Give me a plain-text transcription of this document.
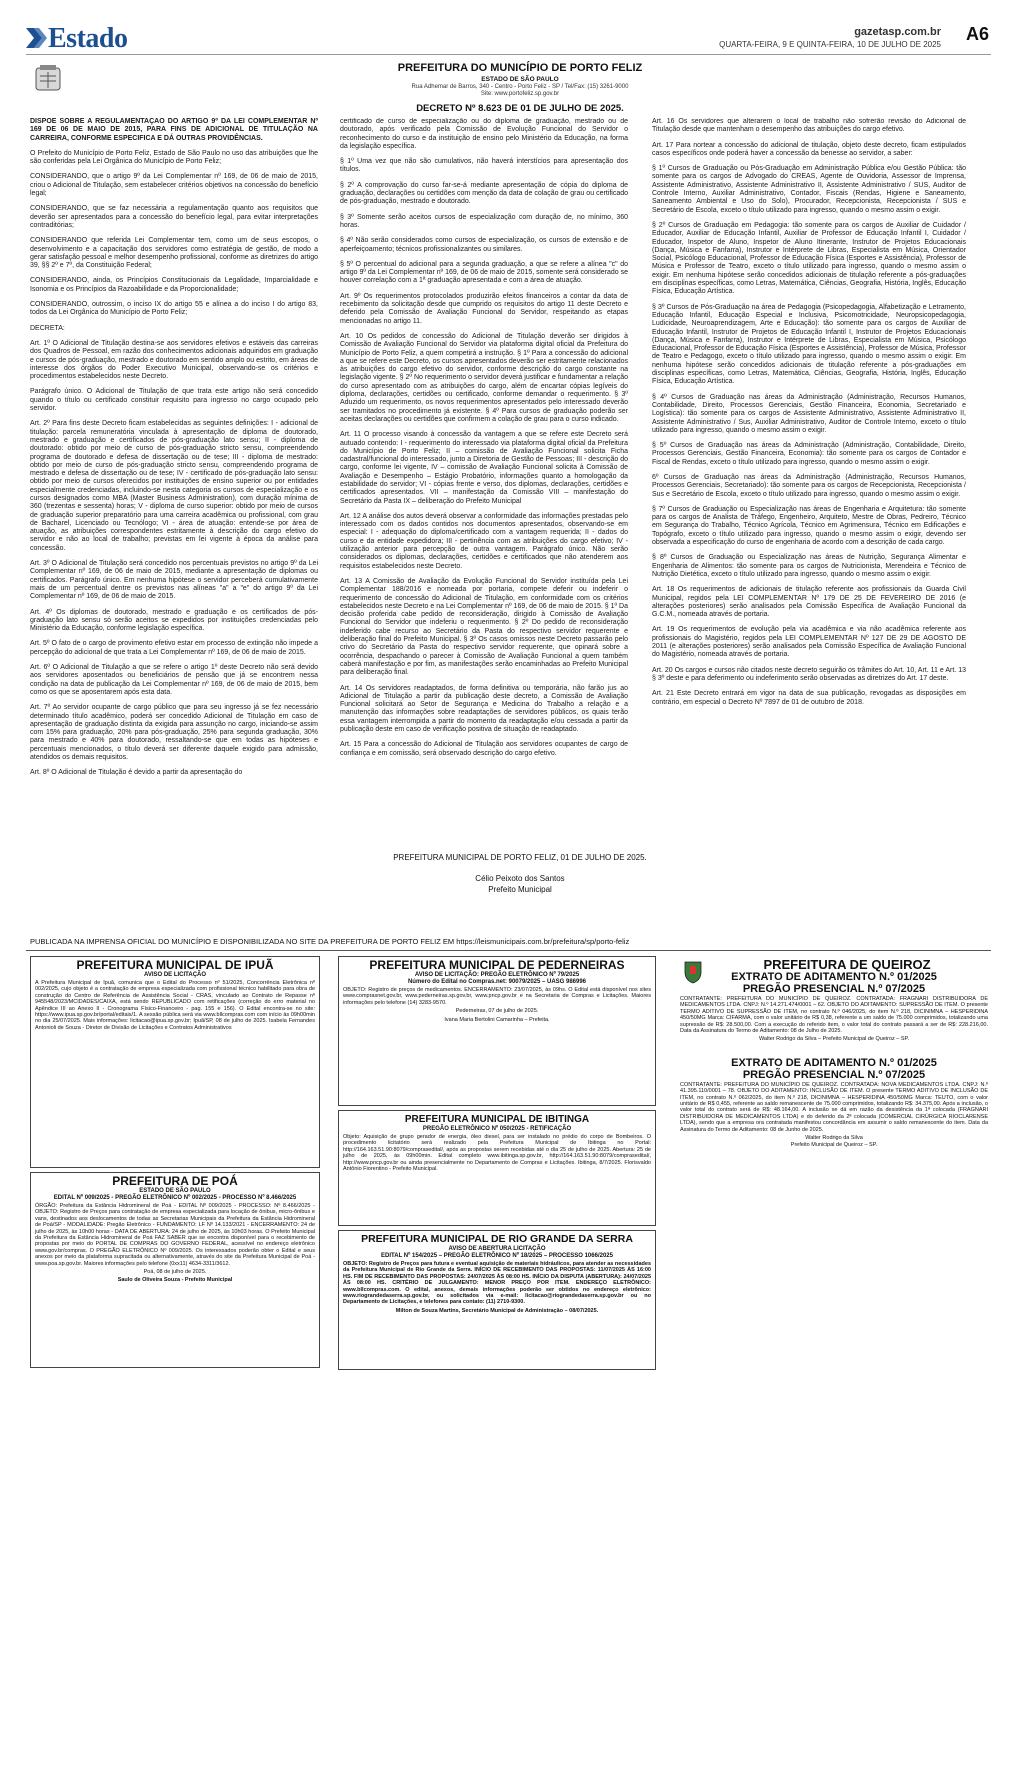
Estado	gazetasp.com.br
QUARTA-FEIRA, 9 E QUINTA-FEIRA, 10 DE JULHO DE 2025
A6
PREFEITURA DO MUNICÍPIO DE PORTO FELIZ
ESTADO DE SÃO PAULO
Rua Adhemar de Barros, 340 - Centro - Porto Feliz - SP / Tel/Fax: (15) 3261-9000
Site: www.portofeliz.sp.gov.br
DECRETO Nº 8.623 DE 01 DE JULHO DE 2025.

DISPÕE SOBRE A REGULAMENTAÇÃO DO ARTIGO 9º DA LEI COMPLEMENTAR Nº 169 DE 06 DE MAIO DE 2015, PARA FINS DE ADICIONAL DE TITULAÇÃO NA CARREIRA, CONFORME ESPECIFICA E DÁ OUTRAS PROVIDÊNCIAS.

O Prefeito do Município de Porto Feliz, Estado de São Paulo no uso das atribuições que lhe são conferidas pela Lei Orgânica do Município de Porto Feliz;

CONSIDERANDO, que o artigo 9º da Lei Complementar nº 169, de 06 de maio de 2015, criou o Adicional de Titulação, sem estabelecer critérios objetivos na concessão do benefício legal;

CONSIDERANDO, que se faz necessária a regulamentação quanto aos requisitos que deverão ser apresentados para a concessão do benefício legal, para evitar interpretações contraditórias;

CONSIDERANDO que referida Lei Complementar tem, como um de seus escopos, o desenvolvimento e a capacitação dos servidores como estratégia de gestão, de modo a gerar satisfação pessoal e melhor desempenho profissional, conforme as diretrizes do artigo 39, §§ 2º e 7º, da Constituição Federal;

CONSIDERANDO, ainda, os Princípios Constitucionais da Legalidade, Imparcialidade e Isonomia e os Princípios da Razoabilidade e da Proporcionalidade;

CONSIDERANDO, outrossim, o inciso IX do artigo 55 e alínea a do inciso I do artigo 83, todos da Lei Orgânica do Município de Porto Feliz;

DECRETA:

Art. 1º O Adicional de Titulação destina-se aos servidores efetivos e estáveis das carreiras dos Quadros de Pessoal, em razão dos conhecimentos adicionais adquiridos em graduação e cursos de pós-graduação, mestrado e doutorado em sentido amplo ou estrito, em áreas de interesse dos órgãos do Poder Executivo Municipal, observando-se os critérios e procedimentos estabelecidos neste Decreto.

Parágrafo único. O Adicional de Titulação de que trata este artigo não será concedido quando o título ou certificado constituir requisito para ingresso no cargo ocupado pelo servidor.

Art. 2º Para fins deste Decreto ficam estabelecidas as seguintes definições: I - adicional de titulação: parcela remuneratória vinculada à apresentação de diploma de doutorado, mestrado e graduação e certificados de pós-graduação lato sensu; II - diploma de doutorado: obtido por meio de curso de pós-graduação stricto sensu, compreendendo programa de doutorado e defesa de dissertação ou de tese; III - diploma de mestrado: obtido por meio de curso de pós-graduação stricto sensu, compreendendo programa de mestrado e defesa de dissertação ou de tese; IV - certificado de pós-graduação lato sensu: obtido por meio de cursos oferecidos por instituições de ensino superior ou por entidades especialmente credenciadas, incluindo-se nesta categoria os cursos de especialização e os cursos designados como MBA (Master Business Administration), com duração mínima de 360 (trezentas e sessenta) horas; V - diploma de curso superior: obtido por meio de cursos de graduação superior preparatório para uma carreira acadêmica ou profissional, com grau de Bacharel, Licenciado ou Tecnólogo; VI - área de atuação: entende-se por área de atuação, as atribuições correspondentes estritamente à descrição do cargo efetivo do servidor e não ao local de trabalho; previstas em lei vigente à época da análise para concessão.

Art. 3º O Adicional de Titulação será concedido nos percentuais previstos no artigo 9º da Lei Complementar nº 169, de 06 de maio de 2015, mediante a apresentação de diplomas ou certificados. Parágrafo único. Em nenhuma hipótese o servidor perceberá cumulativamente mais de um percentual dentre os previstos nas alíneas "a" a "e" do artigo 9º da Lei Complementar nº 169, de 06 de maio de 2015.

Art. 4º Os diplomas de doutorado, mestrado e graduação e os certificados de pós-graduação lato sensu só serão aceitos se expedidos por instituições credenciadas pelo Ministério da Educação, conforme legislação específica.

Art. 5º O fato de o cargo de provimento efetivo estar em processo de extinção não impede a percepção do adicional de que trata a Lei Complementar nº 169, de 06 de maio de 2015.

Art. 6º O Adicional de Titulação a que se refere o artigo 1º deste Decreto não será devido aos servidores aposentados ou beneficiários de pensão que já se encontrem nessa condição na data de publicação da Lei Complementar nº 169, de 06 de maio de 2015, bem como os que se aposentarem após esta data.

Art. 7º Ao servidor ocupante de cargo público que para seu ingresso já se fez necessário determinado título acadêmico, poderá ser concedido Adicional de Titulação em caso de apresentação de graduação distinta da exigida para assunção no cargo, iniciando-se assim com 15% para graduação, 20% para pós-graduação, 25% para segunda graduação, 30% para mestrado e 40% para doutorado, ressaltando-se que em todas as hipóteses e percentuais mencionados, o título deverá ser diferente daquele exigido para admissão, atendidos os demais requisitos.

Art. 8º O Adicional de Titulação é devido a partir da apresentação do

certificado de curso de especialização ou do diploma de graduação, mestrado ou de doutorado, após verificado pela Comissão de Evolução Funcional do Servidor o reconhecimento do curso e da instituição de ensino pelo Ministério da Educação, na forma da legislação específica.

§ 1º Uma vez que não são cumulativos, não haverá interstícios para apresentação dos títulos.

§ 2º A comprovação do curso far-se-á mediante apresentação de cópia do diploma de graduação, declarações ou certidões com menção da data de colação de grau ou certificado de pós-graduação, mestrado e doutorado.

§ 3º Somente serão aceitos cursos de especialização com duração de, no mínimo, 360 horas.

§ 4º Não serão considerados como cursos de especialização, os cursos de extensão e de aperfeiçoamento; técnicos profissionalizantes ou similares.

§ 5º O percentual do adicional para a segunda graduação, a que se refere a alínea "c" do artigo 9º da Lei Complementar nº 169, de 06 de maio de 2015, somente será considerado se houver correlação com a 1ª graduação apresentada e com a área de atuação.

Art. 9º Os requerimentos protocolados produzirão efeitos financeiros a contar da data de recebimento da solicitação desde que cumprido os requisitos do artigo 11 deste Decreto e deferido pela Comissão de Avaliação Funcional do Servidor, respeitando as etapas mencionadas no artigo 11.

Art. 10 Os pedidos de concessão do Adicional de Titulação deverão ser dirigidos à Comissão de Avaliação Funcional do Servidor via plataforma digital oficial da Prefeitura do Município de Porto Feliz, a quem competirá a instrução. § 1º Para a concessão do adicional a que se refere este Decreto, os cursos apresentados deverão ser estritamente relacionados às atribuições do cargo efetivo do servidor, conforme descrição do cargo constante na legislação vigente. § 2º No requerimento o servidor deverá justificar e fundamentar a relação do curso apresentado com as atribuições do cargo, além de encartar cópias legíveis do diploma, declarações, certidões ou certificado, conforme demandar o requerimento. § 3º Aduzido um requerimento, os novos requerimentos apresentados pelo interessado deverão ser tramitados no procedimento já existente. § 4º Para cursos de graduação poderão ser aceitas declarações ou certidões que confirmem a colação de grau para o curso indicado.

Art. 11 O processo visando à concessão da vantagem a que se refere este Decreto será autuado contendo: I - requerimento do interessado via plataforma digital oficial da Prefeitura do Município de Porto Feliz; II – comissão de Avaliação Funcional solicita Ficha cadastral/funcional do interessado, junto a Diretoria de Gestão de Pessoas; III - descrição do cargo, conforme lei vigente, IV – comissão de Avaliação Funcional solicita à Comissão de Avaliação e Desempenho – Estágio Probatório, informações quanto a homologação da estabilidade do servidor; VI - cópias frente e verso, dos diplomas, declarações, certidões e certificados apresentados. VII – manifestação da Comissão VIII – manifestação do Secretário da Pasta IX – deliberação do Prefeito Municipal

Art. 12 A análise dos autos deverá observar a conformidade das informações prestadas pelo interessado com os dados contidos nos documentos apresentados, observando-se em especial: I - adequação do diploma/certificado com a vantagem requerida; II - dados do curso e da entidade expedidora; III - pertinência com as atribuições do cargo efetivo; IV - utilização anterior para percepção de outra vantagem. Parágrafo único. Não serão considerados os diplomas, declarações, certidões e certificados que não atenderem aos requisitos estabelecidos neste Decreto.

Art. 13 A Comissão de Avaliação da Evolução Funcional do Servidor instituída pela Lei Complementar 188/2016 e nomeada por portaria, compete deferir ou indeferir o requerimento de concessão do Adicional de Titulação, em conformidade com os critérios estabelecidos neste Decreto e na Lei Complementar nº 169, de 06 de maio de 2015. § 1º Da decisão proferida cabe pedido de reconsideração, dirigido à Comissão de Avaliação Funcional do Servidor que indeferiu o requerimento. § 2º Do pedido de reconsideração indeferido cabe recurso ao Secretário da Pasta do respectivo servidor requerente e deliberação final do Prefeito Municipal. § 3º Os casos omissos neste Decreto passarão pelo crivo do Secretário da Pasta do respectivo servidor requerente, que opinará sobre a ocorrência, despachando o parecer à Comissão de Avaliação Funcional a quem também caberá manifestação e por fim, as manifestações serão encaminhadas ao Prefeito Municipal para deliberação final.

Art. 14 Os servidores readaptados, de forma definitiva ou temporária, não farão jus ao Adicional de Titulação a partir da publicação deste decreto, a Comissão de Avaliação Funcional solicitará ao Setor de Segurança e Medicina do Trabalho a relação e a manutenção das informações sobre readaptações de servidores públicos, os quais terão essa vantagem interrompida a partir do momento da readaptação e/ou cessada a partir da publicação deste em caso de verificação positiva de situação de readaptado.

Art. 15 Para a concessão do Adicional de Titulação aos servidores ocupantes de cargo de confiança e em comissão, será observado descrição do cargo efetivo.

Art. 16 Os servidores que alterarem o local de trabalho não sofrerão revisão do Adicional de Titulação desde que mantenham o desempenho das atribuições do cargo efetivo.

Art. 17 Para nortear a concessão do adicional de titulação, objeto deste decreto, ficam estipulados casos específicos onde poderá haver a concessão da benesse ao servidor, a saber:

§ 1º Cursos de Graduação ou Pós-Graduação em Administração Pública e/ou Gestão Pública: tão somente para os cargos de Advogado do CREAS, Agente de Ouvidoria, Assessor de Imprensa, Assistente Administrativo, Assistente Administrativo II, Assistente Administrativo / SUS, Auditor de Controle Interno, Auxiliar Administrativo, Contador, Fiscais (Rendas, Higiene e Saneamento, Saneamento Ambiental e Uso do Solo), Procurador, Recepcionista, Recepcionista / SUS e Secretário de Escola, exceto o título utilizado para ingresso, quando o mesmo assim o exigir.

§ 2º Cursos de Graduação em Pedagogia: tão somente para os cargos de Auxiliar de Cuidador / Educador, Auxiliar de Educação Infantil, Auxiliar de Professor de Educação Infantil I, Cuidador / Educador, Inspetor de Aluno, Inspetor de Aluno Itinerante, Instrutor de Projetos Educacionais (Dança, Música e Fanfarra), Instrutor e Intérprete de Libras, Especialista em Música, Orientador Social, Psicólogo Educacional, Professor de Educação Física (Esportes e Assistência), Professor de Música e Professor de Teatro, exceto o título utilizado para ingresso, quando o mesmo assim o exigir. Em nenhuma hipótese serão concedidos adicionais de titulação referente a pós-graduações em disciplinas específicas, como Letras, Matemática, Ciências, Geografia, História, Inglês, Educação Física, Educação Artística.

§ 3º Cursos de Pós-Graduação na área de Pedagogia (Psicopedagogia, Alfabetização e Letramento, Educação Infantil, Educação Especial e Inclusiva, Psicomotricidade, Neuropsicopedagogia, Ludicidade, Neuroaprendizagem, Arte e Educação): tão somente para os cargos de Auxiliar de Educação Infantil, Instrutor de Projetos de Educação Infantil I, Instrutor de Projetos Educacionais (Dança, Música e Fanfarra), Instrutor e Intérprete de Libras, Especialista em Música, Psicólogo Educacional, Professor de Educação Física (Esportes e Assistência), Professor de Música, Professor de Teatro e Pedagogo, exceto o título utilizado para ingresso, quando o mesmo assim o exigir. Em nenhuma hipótese serão concedidos adicionais de titulação referente a pós-graduações em disciplinas específicas, como Letras, Matemática, Ciências, Geografia, História, Inglês, Educação Física, Educação Artística.

§ 4º Cursos de Graduação nas áreas da Administração (Administração, Recursos Humanos, Contabilidade, Direito, Processos Gerenciais, Gestão Financeira, Economia, Secretariado e Logística): tão somente para os cargos de Assistente Administrativo, Assistente Administrativo II, Assistente Administrativo / Sus, Auxiliar Administrativo, Auditor de Controle Interno, exceto o título utilizado para ingresso, quando o mesmo assim o exigir.

§ 5º Cursos de Graduação nas áreas da Administração (Administração, Contabilidade, Direito, Processos Gerenciais, Gestão Financeira, Economia): tão somente para os cargos de Contador e Fiscal de Rendas, exceto o título utilizado para ingresso, quando o mesmo assim o exigir.

6º Cursos de Graduação nas áreas da Administração (Administração, Recursos Humanos, Processos Gerenciais, Secretariado): tão somente para os cargos de Recepcionista, Recepcionista / Sus e Secretário de Escola, exceto o título utilizado para ingresso, quando o mesmo assim o exigir.

§ 7º Cursos de Graduação ou Especialização nas áreas de Engenharia e Arquitetura: tão somente para os cargos de Analista de Tráfego, Engenheiro, Arquiteto, Mestre de Obras, Pedreiro, Técnico em Segurança do Trabalho, Técnico Agrícola, Técnico em Agrimensura, Técnico em Edificações e Topógrafo, exceto o título utilizado para ingresso, quando o mesmo assim o exigir, devendo ser observada a especificação do curso de engenharia de acordo com a descrição de cada cargo.

§ 8º Cursos de Graduação ou Especialização nas áreas de Nutrição, Segurança Alimentar e Engenharia de Alimentos: tão somente para os cargos de Nutricionista, Merendeira e Técnico de Nutrição Dietética, exceto o título utilizado para ingresso, quando o mesmo assim o exigir.

Art. 18 Os requerimentos de adicionais de titulação referente aos profissionais da Guarda Civil Municipal, regidos pela LEI COMPLEMENTAR Nº 179 DE 25 DE FEVEREIRO DE 2016 (e alterações posteriores) serão analisados pela Comissão Específica de Avaliação Funcional da G.C.M., nomeada através de portaria.

Art. 19 Os requerimentos de evolução pela via acadêmica e via não acadêmica referente aos profissionais do Magistério, regidos pela LEI COMPLEMENTAR Nº 127 DE 29 DE AGOSTO DE 2011 (e alterações posteriores) serão analisados pela Comissão Específica de Avaliação Funcional do Magistério, nomeada através de portaria.

Art. 20 Os cargos e cursos não citados neste decreto seguirão os trâmites do Art. 10, Art. 11 e Art. 13 § 3º deste e para deferimento ou indeferimento serão observadas as diretrizes do Art. 17 deste.

Art. 21 Este Decreto entrará em vigor na data de sua publicação, revogadas as disposições em contrário, em especial o Decreto Nº 7897 de 01 de outubro de 2018.

PREFEITURA MUNICIPAL DE PORTO FELIZ, 01 DE JULHO DE 2025.
Célio Peixoto dos Santos
Prefeito Municipal
PUBLICADA NA IMPRENSA OFICIAL DO MUNICÍPIO E DISPONIBILIZADA NO SITE DA PREFEITURA DE PORTO FELIZ EM https://leismunicipais.com.br/prefeitura/sp/porto-feliz
PREFEITURA MUNICIPAL DE IPUÃ
AVISO DE LICITAÇÃO

A Prefeitura Municipal de Ipuã, comunica que o Edital do Processo nº 51/2025, Concorrência Eletrônica nº 002/2025, cujo objeto é a contratação de empresa especializada com profissional técnico habilitado para obra de construção do Centro de Referência de Assistência Social - CRAS, vinculado ao Contrato de Repasse nº 945548/2023/MCIDADES/CAIXA, está sendo REPUBLICADO com retificações (correção do erro material no Apêndice III ao Anexo II - Cronograma Físico-Financeiro - pag. 155 e 156). O Edital encontra-se no site: https://www.ipua.sp.gov.br/portal/editais/1. A sessão pública será via www.bllcompras.com com início às 09h00min no dia 25/07/2025. Mais informações: licitacao@ipua.sp.gov.br; Ipuã/SP, 08 de julho de 2025. Isabela Fernandes Antonioli de Souza - Diretor de Divisão de Licitações e Contratos Administrativos

PREFEITURA DE POÁ
ESTADO DE SÃO PAULO
EDITAL Nº 009/2025 - PREGÃO ELETRÔNICO Nº 002/2025 - PROCESSO Nº 8.466/2025

ÓRGÃO: Prefeitura da Estância Hidromineral de Poá - EDITAL Nº 009/2025 - PROCESSO: Nº 8.466/2025 - OBJETO: Registro de Preços para contratação de empresa especializada para locação de ônibus, micro-ônibus e vans, destinados aos deslocamentos de todas as Secretarias Municipais da Prefeitura da Estância Hidromineral de Poá/SP - MODALIDADE: Pregão Eletrônico - FUNDAMENTO: LF Nº 14.133/2021 - ENCERRAMENTO: 24 de julho de 2025, às 10h00 horas - DATA DE ABERTURA: 24 de julho de 2025, às 10h03 horas. O Prefeito Municipal da Prefeitura da Estância Hidromineral de Poá FAZ SABER que se encontra disponível para o recebimento de propostas por meio do PORTAL DE COMPRAS DO GOVERNO FEDERAL, acessível no endereço eletrônico www.gov.br/compras. O PREGÃO ELETRÔNICO Nº 009/2025. Os interessados poderão obter o Edital e seus anexos por meio da plataforma supracitada ou alternativamente, através do site da Prefeitura Municipal de Poá - www.poa.sp.gov.br. Maiores informações pelo telefone (0xx11) 4634-3311/3612.

Poá, 08 de julho de 2025.
Saulo de Oliveira Souza - Prefeito Municipal
PREFEITURA MUNICIPAL DE PEDERNEIRAS
AVISO DE LICITAÇÃO: PREGÃO ELETRÔNICO Nº 79/2025
Número do Edital no Compras.net: 90079/2025 – UASG 986996

OBJETO: Registro de preços de medicamentos. ENCERRAMENTO: 23/07/2025, às 09hs. O Edital está disponível nos sites www.comprasnet.gov.br, www.pederneiras.sp.gov.br, www.pncp.gov.br e na Secretaria de Compras e Licitações. Maiores informações pelo telefone (14) 3283-9570.

Pederneiras, 07 de julho de 2025.
Ivana Maria Bertolini Camarinha – Prefeita.
PREFEITURA MUNICIPAL DE IBITINGA
PREGÃO ELETRÔNICO Nº 050/2025 - RETIFICAÇÃO

Objeto: Aquisição de grupo gerador de energia, óleo diesel, para ser instalado no prédio do corpo de Bombeiros. O procedimento licitatório será realizado pela Prefeitura Municipal de Ibitinga no Portal: http://164.163.51.90:8079/comprasedital/, após as propostas serem recebidas até o dia 25 de julho de 2025. Abertura: 25 de julho de 2025, às 09h00min. Edital completo www.ibitinga.sp.gov.br, http://164.163.51.90:8079/comprasedital/, http://www.pncp.gov.br ou ainda presencialmente no Departamento de Compras e Licitações. Ibitinga, 8/7/2025. Florisvaldo Antônio Fiorentino - Prefeito Municipal.

PREFEITURA MUNICIPAL DE RIO GRANDE DA SERRA
AVISO DE ABERTURA LICITAÇÃO
EDITAL Nº 154/2025 – PREGÃO ELETRÔNICO Nº 18/2025 – PROCESSO 1066/2025

OBJETO: Registro de Preços para futura e eventual aquisição de materiais hidráulicos, para atender as necessidades da Prefeitura Municipal de Rio Grande da Serra. INÍCIO DE RECEBIMENTO DAS PROPOSTAS: 11/07/2025 ÀS 16:00 HS. FIM DE RECEBIMENTO DAS PROPOSTAS: 24/07/2025 ÀS 08:00 HS. INÍCIO DA DISPUTA (ABERTURA): 24/07/2025 ÀS 08:00 HS. CRITÉRIO DE JULGAMENTO: MENOR PREÇO POR ITEM. ENDEREÇO ELETRÔNICO: www.bllcompras.com. O edital, anexos, demais informações poderão ser obtidos no endereço eletrônico: www.riograndedaserra.sp.gov.br, ou solicitados via e-mail: licitacao@riograndedaserra.sp.gov.br ou no Departamento de Licitações, e telefones para contato: (11) 2710-9300.

Milton de Souza Martins, Secretário Municipal de Administração – 08/07/2025.
PREFEITURA DE QUEIROZ
EXTRATO DE ADITAMENTO N.º 01/2025
PREGÃO PRESENCIAL N.º 07/2025

CONTRATANTE: PREFEITURA DO MUNICÍPIO DE QUEIROZ. CONTRATADA: FRAGNARI DISTRIBUIDORA DE MEDICAMENTOS LTDA. CNPJ: N.º 14.271.474/0001 – 62. OBJETO DO ADITAMENTO: SUPRESSÃO DE ITEM. O presente TERMO ADITIVO DE SUPRESSÃO DE ITEM, no contrato N.º 046/2025, do item N.º 218, DICINIMNA – HESPERIDINA 450/50MG Marca: CIFARMA, com o valor unitário de R$ 0,38, referente a um saldo de 75.000 comprimidos, totalizando uma supressão de R$: 28.500,00. Com a execução do referido item, o valor total do contrato passará a ser de R$: 228.216,00. Data da Assinatura do Termo de Aditamento: 08 de Julho de 2025.

Walter Rodrigo da Silva – Prefeito Municipal de Queiroz – SP.
EXTRATO DE ADITAMENTO N.º 01/2025
PREGÃO PRESENCIAL N.º 07/2025

CONTRATANTE: PREFEITURA DO MUNICÍPIO DE QUEIROZ. CONTRATADA: NOVA MEDICAMENTOS LTDA. CNPJ: N.º 41.395.110/0001 – 78. OBJETO DO ADITAMENTO: INCLUSÃO DE ITEM. O presente TERMO ADITIVO DE INCLUSÃO DE ITEM, no contrato N.º 062/2025, do item N.º 218, DICINIMNA – HESPERIDINA 450/50MG Marca: TEUTO, com o valor unitário de R$ 0,455, referente ao saldo remanescente de 75.000 comprimidos, totalizando R$: 34.375,00. Após a inclusão, o valor total do contrato será de R$: 48.164,00. A inclusão se dá em razão da desistência da 1ª colocada (FRAGNARI DISTRIBUIDORA DE MEDICAMENTOS LTDA) e do deferido da 2ª colocada (COMERCIAL CIRÚRGICA RIOCLARENSE LTDA), sendo que a empresa ora contratada manifestou concordância em assumir o saldo remanescente do item. Data da Assinatura do Termo de Aditamento: 08 de Junho de 2025.

Walter Rodrigo da Silva
Prefeito Municipal de Queiroz – SP.
